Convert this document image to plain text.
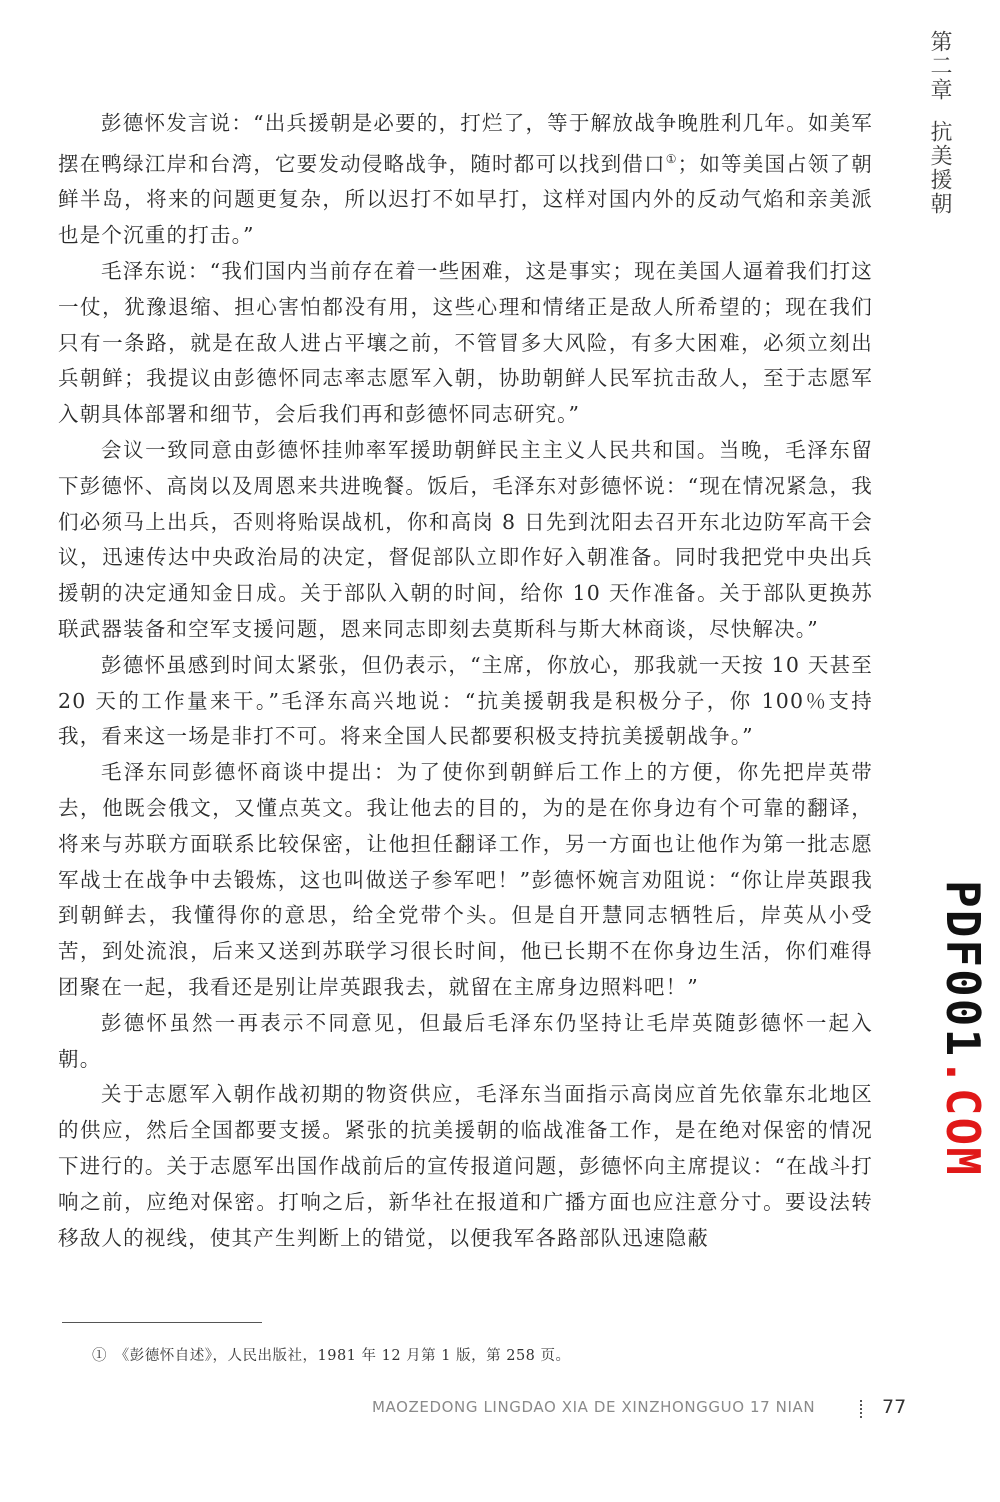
第二章抗美援朝
PDF001.COM

彭德怀发言说：“出兵援朝是必要的，打烂了，等于解放战争晚胜利几年。如美军摆在鸭绿江岸和台湾，它要发动侵略战争，随时都可以找到借口①；如等美国占领了朝鲜半岛，将来的问题更复杂，所以迟打不如早打，这样对国内外的反动气焰和亲美派也是个沉重的打击。”

毛泽东说：“我们国内当前存在着一些困难，这是事实；现在美国人逼着我们打这一仗，犹豫退缩、担心害怕都没有用，这些心理和情绪正是敌人所希望的；现在我们只有一条路，就是在敌人进占平壤之前，不管冒多大风险，有多大困难，必须立刻出兵朝鲜；我提议由彭德怀同志率志愿军入朝，协助朝鲜人民军抗击敌人，至于志愿军入朝具体部署和细节，会后我们再和彭德怀同志研究。”

会议一致同意由彭德怀挂帅率军援助朝鲜民主主义人民共和国。当晚，毛泽东留下彭德怀、高岗以及周恩来共进晚餐。饭后，毛泽东对彭德怀说：“现在情况紧急，我们必须马上出兵，否则将贻误战机，你和高岗 8 日先到沈阳去召开东北边防军高干会议，迅速传达中央政治局的决定，督促部队立即作好入朝准备。同时我把党中央出兵援朝的决定通知金日成。关于部队入朝的时间，给你 10 天作准备。关于部队更换苏联武器装备和空军支援问题，恩来同志即刻去莫斯科与斯大林商谈，尽快解决。”

彭德怀虽感到时间太紧张，但仍表示，“主席，你放心，那我就一天按 10 天甚至 20 天的工作量来干。”毛泽东高兴地说：“抗美援朝我是积极分子，你 100％支持我，看来这一场是非打不可。将来全国人民都要积极支持抗美援朝战争。”

毛泽东同彭德怀商谈中提出：为了使你到朝鲜后工作上的方便，你先把岸英带去，他既会俄文，又懂点英文。我让他去的目的，为的是在你身边有个可靠的翻译，将来与苏联方面联系比较保密，让他担任翻译工作，另一方面也让他作为第一批志愿军战士在战争中去锻炼，这也叫做送子参军吧！”彭德怀婉言劝阻说：“你让岸英跟我到朝鲜去，我懂得你的意思，给全党带个头。但是自开慧同志牺牲后，岸英从小受苦，到处流浪，后来又送到苏联学习很长时间，他已长期不在你身边生活，你们难得团聚在一起，我看还是别让岸英跟我去，就留在主席身边照料吧！”

彭德怀虽然一再表示不同意见，但最后毛泽东仍坚持让毛岸英随彭德怀一起入朝。

关于志愿军入朝作战初期的物资供应，毛泽东当面指示高岗应首先依靠东北地区的供应，然后全国都要支援。紧张的抗美援朝的临战准备工作，是在绝对保密的情况下进行的。关于志愿军出国作战前后的宣传报道问题，彭德怀向主席提议：“在战斗打响之前，应绝对保密。打响之后，新华社在报道和广播方面也应注意分寸。要设法转移敌人的视线，使其产生判断上的错觉，以便我军各路部队迅速隐蔽

①　《彭德怀自述》，人民出版社，1981 年 12 月第 1 版，第 258 页。
MAOZEDONG LINGDAO XIA DE XINZHONGGUO 17 NIAN	77
